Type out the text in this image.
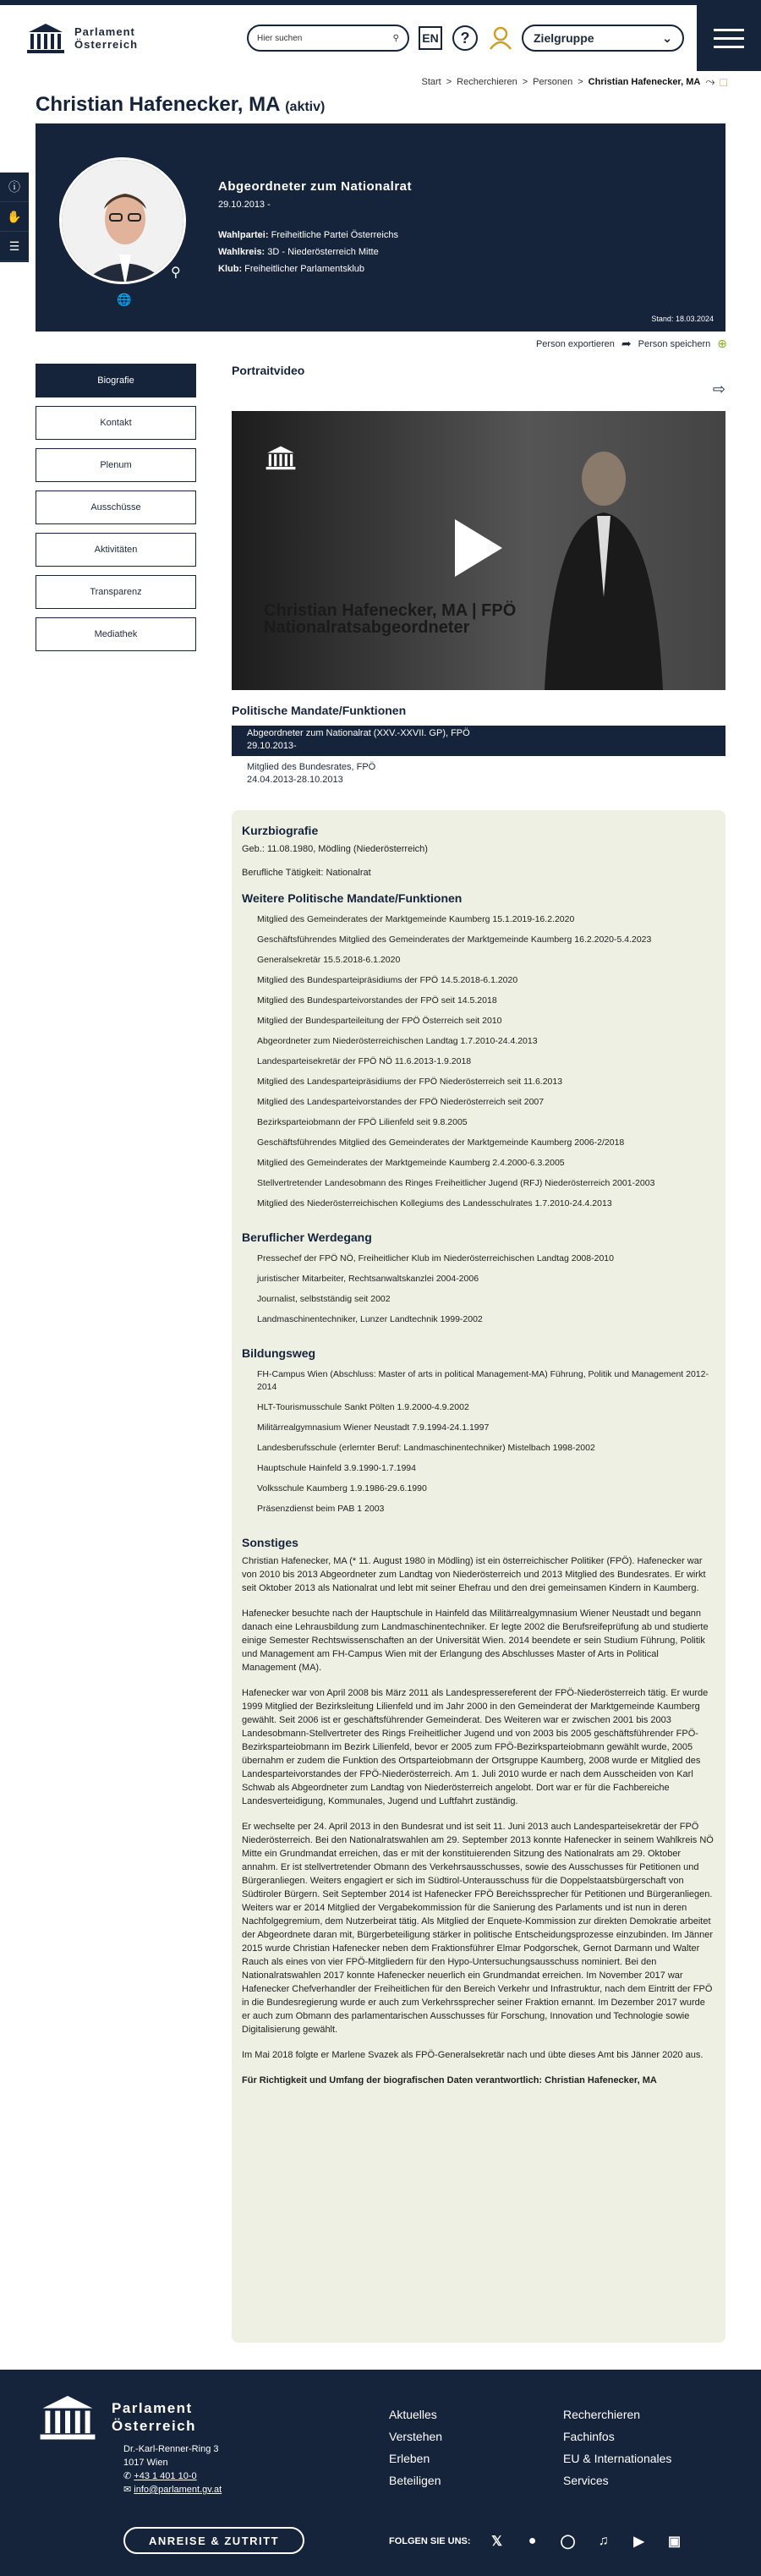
Parlament
Österreich	Hier suchen	⚲	EN	?	Zielgruppe	⌄
Start > Recherchieren > Personen > Christian Hafenecker, MA ⤳ □
Christian Hafenecker, MA (aktiv)
ⓘ
✋
☰
⚲
🌐
Abgeordneter zum Nationalrat
29.10.2013 -
Wahlpartei: Freiheitliche Partei Österreichs
Wahlkreis: 3D - Niederösterreich Mitte
Klub: Freiheitlicher Parlamentsklub
Stand: 18.03.2024
Person exportieren ➦ Person speichern ⊕
Biografie
Kontakt
Plenum
Ausschüsse
Aktivitäten
Transparenz
Mediathek
Portraitvideo
⇨
Christian Hafenecker, MA | FPÖ
Nationalratsabgeordneter
Politische Mandate/Funktionen
Abgeordneter zum Nationalrat (XXV.-XXVII. GP), FPÖ
29.10.2013-
Mitglied des Bundesrates, FPÖ
24.04.2013-28.10.2013
Kurzbiografie

Geb.: 11.08.1980, Mödling (Niederösterreich)

Berufliche Tätigkeit: Nationalrat

Weitere Politische Mandate/Funktionen
Mitglied des Gemeinderates der Marktgemeinde Kaumberg 15.1.2019-16.2.2020
Geschäftsführendes Mitglied des Gemeinderates der Marktgemeinde Kaumberg 16.2.2020-5.4.2023
Generalsekretär 15.5.2018-6.1.2020
Mitglied des Bundesparteipräsidiums der FPÖ 14.5.2018-6.1.2020
Mitglied des Bundesparteivorstandes der FPÖ seit 14.5.2018
Mitglied der Bundesparteileitung der FPÖ Österreich seit 2010
Abgeordneter zum Niederösterreichischen Landtag 1.7.2010-24.4.2013
Landesparteisekretär der FPÖ NÖ 11.6.2013-1.9.2018
Mitglied des Landesparteipräsidiums der FPÖ Niederösterreich seit 11.6.2013
Mitglied des Landesparteivorstandes der FPÖ Niederösterreich seit 2007
Bezirksparteiobmann der FPÖ Lilienfeld seit 9.8.2005
Geschäftsführendes Mitglied des Gemeinderates der Marktgemeinde Kaumberg 2006-2/2018
Mitglied des Gemeinderates der Marktgemeinde Kaumberg 2.4.2000-6.3.2005
Stellvertretender Landesobmann des Ringes Freiheitlicher Jugend (RFJ) Niederösterreich 2001-2003
Mitglied des Niederösterreichischen Kollegiums des Landesschulrates 1.7.2010-24.4.2013
Beruflicher Werdegang
Pressechef der FPÖ NÖ, Freiheitlicher Klub im Niederösterreichischen Landtag 2008-2010
juristischer Mitarbeiter, Rechtsanwaltskanzlei 2004-2006
Journalist, selbstständig seit 2002
Landmaschinentechniker, Lunzer Landtechnik 1999-2002
Bildungsweg
FH-Campus Wien (Abschluss: Master of arts in political Management-MA) Führung, Politik und Management 2012-2014
HLT-Tourismusschule Sankt Pölten 1.9.2000-4.9.2002
Militärrealgymnasium Wiener Neustadt 7.9.1994-24.1.1997
Landesberufsschule (erlernter Beruf: Landmaschinentechniker) Mistelbach 1998-2002
Hauptschule Hainfeld 3.9.1990-1.7.1994
Volksschule Kaumberg 1.9.1986-29.6.1990
Präsenzdienst beim PAB 1 2003
Sonstiges

Christian Hafenecker, MA (* 11. August 1980 in Mödling) ist ein österreichischer Politiker (FPÖ). Hafenecker war von 2010 bis 2013 Abgeordneter zum Landtag von Niederösterreich und 2013 Mitglied des Bundesrates. Er wirkt seit Oktober 2013 als Nationalrat und lebt mit seiner Ehefrau und den drei gemeinsamen Kindern in Kaumberg.

Hafenecker besuchte nach der Hauptschule in Hainfeld das Militärrealgymnasium Wiener Neustadt und begann danach eine Lehrausbildung zum Landmaschinentechniker. Er legte 2002 die Berufsreifeprüfung ab und studierte einige Semester Rechtswissenschaften an der Universität Wien. 2014 beendete er sein Studium Führung, Politik und Management am FH-Campus Wien mit der Erlangung des Abschlusses Master of Arts in Political Management (MA).

Hafenecker war von April 2008 bis März 2011 als Landespressereferent der FPÖ-Niederösterreich tätig. Er wurde 1999 Mitglied der Bezirksleitung Lilienfeld und im Jahr 2000 in den Gemeinderat der Marktgemeinde Kaumberg gewählt. Seit 2006 ist er geschäftsführender Gemeinderat. Des Weiteren war er zwischen 2001 bis 2003 Landesobmann-Stellvertreter des Rings Freiheitlicher Jugend und von 2003 bis 2005 geschäftsführender FPÖ-Bezirksparteiobmann im Bezirk Lilienfeld, bevor er 2005 zum FPÖ-Bezirksparteiobmann gewählt wurde, 2005 übernahm er zudem die Funktion des Ortsparteiobmann der Ortsgruppe Kaumberg, 2008 wurde er Mitglied des Landesparteivorstandes der FPÖ-Niederösterreich. Am 1. Juli 2010 wurde er nach dem Ausscheiden von Karl Schwab als Abgeordneter zum Landtag von Niederösterreich angelobt. Dort war er für die Fachbereiche Landesverteidigung, Kommunales, Jugend und Luftfahrt zuständig.

Er wechselte per 24. April 2013 in den Bundesrat und ist seit 11. Juni 2013 auch Landesparteisekretär der FPÖ Niederösterreich. Bei den Nationalratswahlen am 29. September 2013 konnte Hafenecker in seinem Wahlkreis NÖ Mitte ein Grundmandat erreichen, das er mit der konstituierenden Sitzung des Nationalrats am 29. Oktober annahm. Er ist stellvertretender Obmann des Verkehrsausschusses, sowie des Ausschusses für Petitionen und Bürgeranliegen. Weiters engagiert er sich im Südtirol-Unterausschuss für die Doppelstaatsbürgerschaft von Südtiroler Bürgern. Seit September 2014 ist Hafenecker FPÖ Bereichssprecher für Petitionen und Bürgeranliegen. Weiters war er 2014 Mitglied der Vergabekommission für die Sanierung des Parlaments und ist nun in deren Nachfolgegremium, dem Nutzerbeirat tätig. Als Mitglied der Enquete-Kommission zur direkten Demokratie arbeitet der Abgeordnete daran mit, Bürgerbeteiligung stärker in politische Entscheidungsprozesse einzubinden. Im Jänner 2015 wurde Christian Hafenecker neben dem Fraktionsführer Elmar Podgorschek, Gernot Darmann und Walter Rauch als eines von vier FPÖ-Mitgliedern für den Hypo-Untersuchungsausschuss nominiert. Bei den Nationalratswahlen 2017 konnte Hafenecker neuerlich ein Grundmandat erreichen. Im November 2017 war Hafenecker Chefverhandler der Freiheitlichen für den Bereich Verkehr und Infrastruktur, nach dem Eintritt der FPÖ in die Bundesregierung wurde er auch zum Verkehrssprecher seiner Fraktion ernannt. Im Dezember 2017 wurde er auch zum Obmann des parlamentarischen Ausschusses für Forschung, Innovation und Technologie sowie Digitalisierung gewählt.

Im Mai 2018 folgte er Marlene Svazek als FPÖ-Generalsekretär nach und übte dieses Amt bis Jänner 2020 aus.

Für Richtigkeit und Umfang der biografischen Daten verantwortlich: Christian Hafenecker, MA

Parlament
Österreich
Dr.-Karl-Renner-Ring 3
1017 Wien
✆ +43 1 401 10-0
✉ info@parlament.gv.at
Aktuelles
Verstehen
Erleben
Beteiligen
Recherchieren
Fachinfos
EU & Internationales
Services
ANREISE & ZUTRITT	FOLGEN SIE UNS: 𝕏	●	◯	♫	▶	▣
